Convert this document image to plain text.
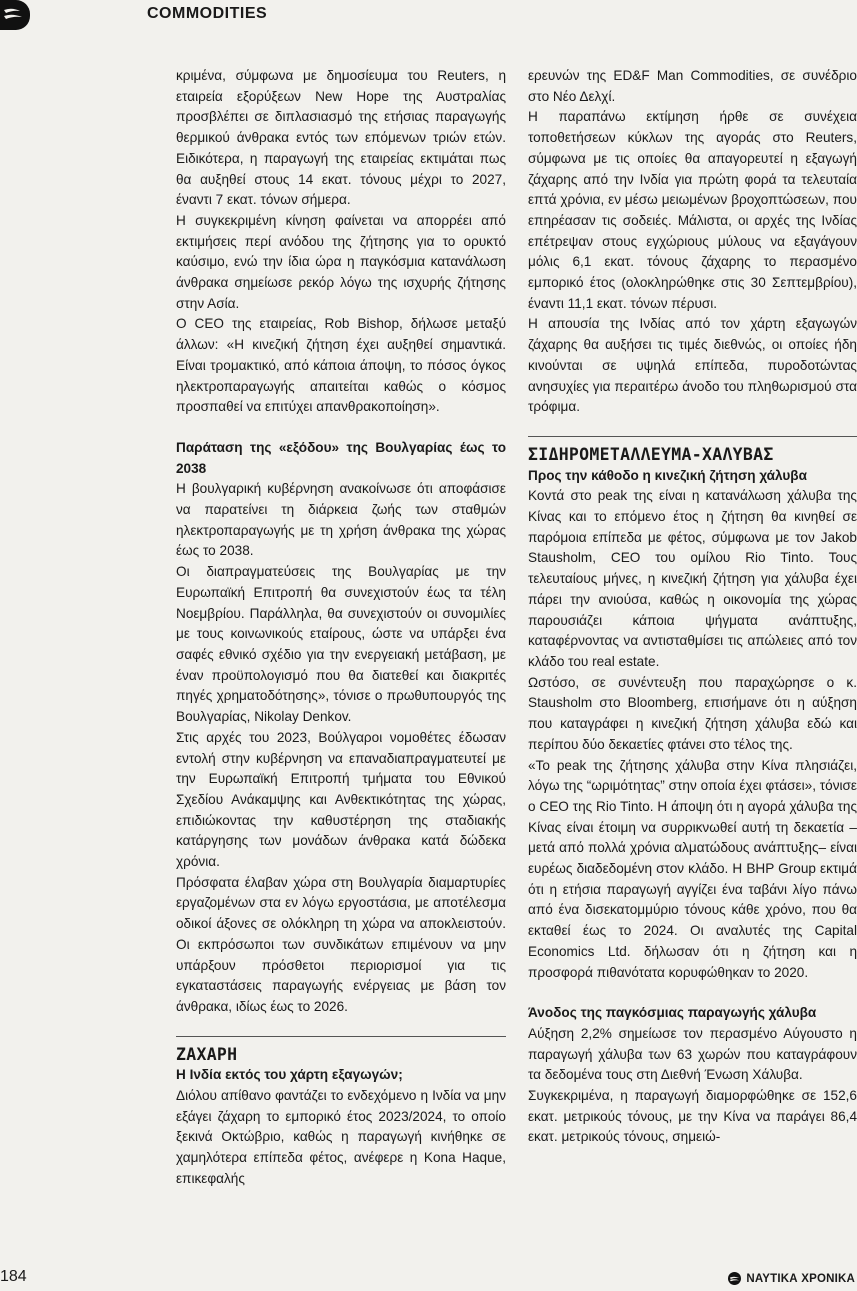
COMMODITIES

κριμένα, σύμφωνα με δημοσίευμα του Reuters, η εταιρεία εξορύξεων New Hope της Αυστραλίας προσβλέπει σε διπλασιασμό της ετήσιας παραγωγής θερμικού άνθρακα εντός των επόμενων τριών ετών. Ειδικότερα, η παραγωγή της εταιρείας εκτιμάται πως θα αυξηθεί στους 14 εκατ. τόνους μέχρι το 2027, έναντι 7 εκατ. τόνων σήμερα.

Η συγκεκριμένη κίνηση φαίνεται να απορρέει από εκτιμήσεις περί ανόδου της ζήτησης για το ορυκτό καύσιμο, ενώ την ίδια ώρα η παγκόσμια κατανάλωση άνθρακα σημείωσε ρεκόρ λόγω της ισχυρής ζήτησης στην Ασία.

Ο CEO της εταιρείας, Rob Bishop, δήλωσε μεταξύ άλλων: «Η κινεζική ζήτηση έχει αυξηθεί σημαντικά. Είναι τρομακτικό, από κάποια άποψη, το πόσος όγκος ηλεκτροπαραγωγής απαιτείται καθώς ο κόσμος προσπαθεί να επιτύχει απανθρακοποίηση».

Παράταση της «εξόδου» της Βουλγαρίας έως το 2038

Η βουλγαρική κυβέρνηση ανακοίνωσε ότι αποφάσισε να παρατείνει τη διάρκεια ζωής των σταθμών ηλεκτροπαραγωγής με τη χρήση άνθρακα της χώρας έως το 2038.

Οι διαπραγματεύσεις της Βουλγαρίας με την Ευρωπαϊκή Επιτροπή θα συνεχιστούν έως τα τέλη Νοεμβρίου. Παράλληλα, θα συνεχιστούν οι συνομιλίες με τους κοινωνικούς εταίρους, ώστε να υπάρξει ένα σαφές εθνικό σχέδιο για την ενεργειακή μετάβαση, με έναν προϋπολογισμό που θα διατεθεί και διακριτές πηγές χρηματοδότησης», τόνισε ο πρωθυπουργός της Βουλγαρίας, Nikolay Denkov.

Στις αρχές του 2023, Βούλγαροι νομοθέτες έδωσαν εντολή στην κυβέρνηση να επαναδιαπραγματευτεί με την Ευρωπαϊκή Επιτροπή τμήματα του Εθνικού Σχεδίου Ανάκαμψης και Ανθεκτικότητας της χώρας, επιδιώκοντας την καθυστέρηση της σταδιακής κατάργησης των μονάδων άνθρακα κατά δώδεκα χρόνια.

Πρόσφατα έλαβαν χώρα στη Βουλγαρία διαμαρτυρίες εργαζομένων στα εν λόγω εργοστάσια, με αποτέλεσμα οδικοί άξονες σε ολόκληρη τη χώρα να αποκλειστούν. Οι εκπρόσωποι των συνδικάτων επιμένουν να μην υπάρξουν πρόσθετοι περιορισμοί για τις εγκαταστάσεις παραγωγής ενέργειας με βάση τον άνθρακα, ιδίως έως το 2026.

ΖΑΧΑΡΗ

Η Ινδία εκτός του χάρτη εξαγωγών;

Διόλου απίθανο φαντάζει το ενδεχόμενο η Ινδία να μην εξάγει ζάχαρη το εμπορικό έτος 2023/2024, το οποίο ξεκινά Οκτώβριο, καθώς η παραγωγή κινήθηκε σε χαμηλότερα επίπεδα φέτος, ανέφερε η Kona Haque, επικεφαλής

ερευνών της ED&F Man Commodities, σε συνέδριο στο Νέο Δελχί.

Η παραπάνω εκτίμηση ήρθε σε συνέχεια τοποθετήσεων κύκλων της αγοράς στο Reuters, σύμφωνα με τις οποίες θα απαγορευτεί η εξαγωγή ζάχαρης από την Ινδία για πρώτη φορά τα τελευταία επτά χρόνια, εν μέσω μειωμένων βροχοπτώσεων, που επηρέασαν τις σοδειές. Μάλιστα, οι αρχές της Ινδίας επέτρεψαν στους εγχώριους μύλους να εξαγάγουν μόλις 6,1 εκατ. τόνους ζάχαρης το περασμένο εμπορικό έτος (ολοκληρώθηκε στις 30 Σεπτεμβρίου), έναντι 11,1 εκατ. τόνων πέρυσι.

Η απουσία της Ινδίας από τον χάρτη εξαγωγών ζάχαρης θα αυξήσει τις τιμές διεθνώς, οι οποίες ήδη κινούνται σε υψηλά επίπεδα, πυροδοτώντας ανησυχίες για περαιτέρω άνοδο του πληθωρισμού στα τρόφιμα.

ΣΙΔΗΡΟΜΕΤΑΛΛΕΥΜΑ-ΧΑΛΥΒΑΣ

Προς την κάθοδο η κινεζική ζήτηση χάλυβα

Κοντά στο peak της είναι η κατανάλωση χάλυβα της Κίνας και το επόμενο έτος η ζήτηση θα κινηθεί σε παρόμοια επίπεδα με φέτος, σύμφωνα με τον Jakob Stausholm, CEO του ομίλου Rio Tinto. Τους τελευταίους μήνες, η κινεζική ζήτηση για χάλυβα έχει πάρει την ανιούσα, καθώς η οικονομία της χώρας παρουσιάζει κάποια ψήγματα ανάπτυξης, καταφέρνοντας να αντισταθμίσει τις απώλειες από τον κλάδο του real estate.

Ωστόσο, σε συνέντευξη που παραχώρησε ο κ. Stausholm στο Bloomberg, επισήμανε ότι η αύξηση που καταγράφει η κινεζική ζήτηση χάλυβα εδώ και περίπου δύο δεκαετίες φτάνει στο τέλος της.

«Το peak της ζήτησης χάλυβα στην Κίνα πλησιάζει, λόγω της “ωριμότητας” στην οποία έχει φτάσει», τόνισε ο CEO της Rio Tinto. Η άποψη ότι η αγορά χάλυβα της Κίνας είναι έτοιμη να συρρικνωθεί αυτή τη δεκαετία –μετά από πολλά χρόνια αλματώδους ανάπτυξης– είναι ευρέως διαδεδομένη στον κλάδο. Η BHP Group εκτιμά ότι η ετήσια παραγωγή αγγίζει ένα ταβάνι λίγο πάνω από ένα δισεκατομμύριο τόνους κάθε χρόνο, που θα εκταθεί έως το 2024. Οι αναλυτές της Capital Economics Ltd. δήλωσαν ότι η ζήτηση και η προσφορά πιθανότατα κορυφώθηκαν το 2020.

Άνοδος της παγκόσμιας παραγωγής χάλυβα

Αύξηση 2,2% σημείωσε τον περασμένο Αύγουστο η παραγωγή χάλυβα των 63 χωρών που καταγράφουν τα δεδομένα τους στη Διεθνή Ένωση Χάλυβα.

Συγκεκριμένα, η παραγωγή διαμορφώθηκε σε 152,6 εκατ. μετρικούς τόνους, με την Κίνα να παράγει 86,4 εκατ. μετρικούς τόνους, σημειώ-

184	ΝΑΥΤΙΚΑ ΧΡΟΝΙΚΑ
